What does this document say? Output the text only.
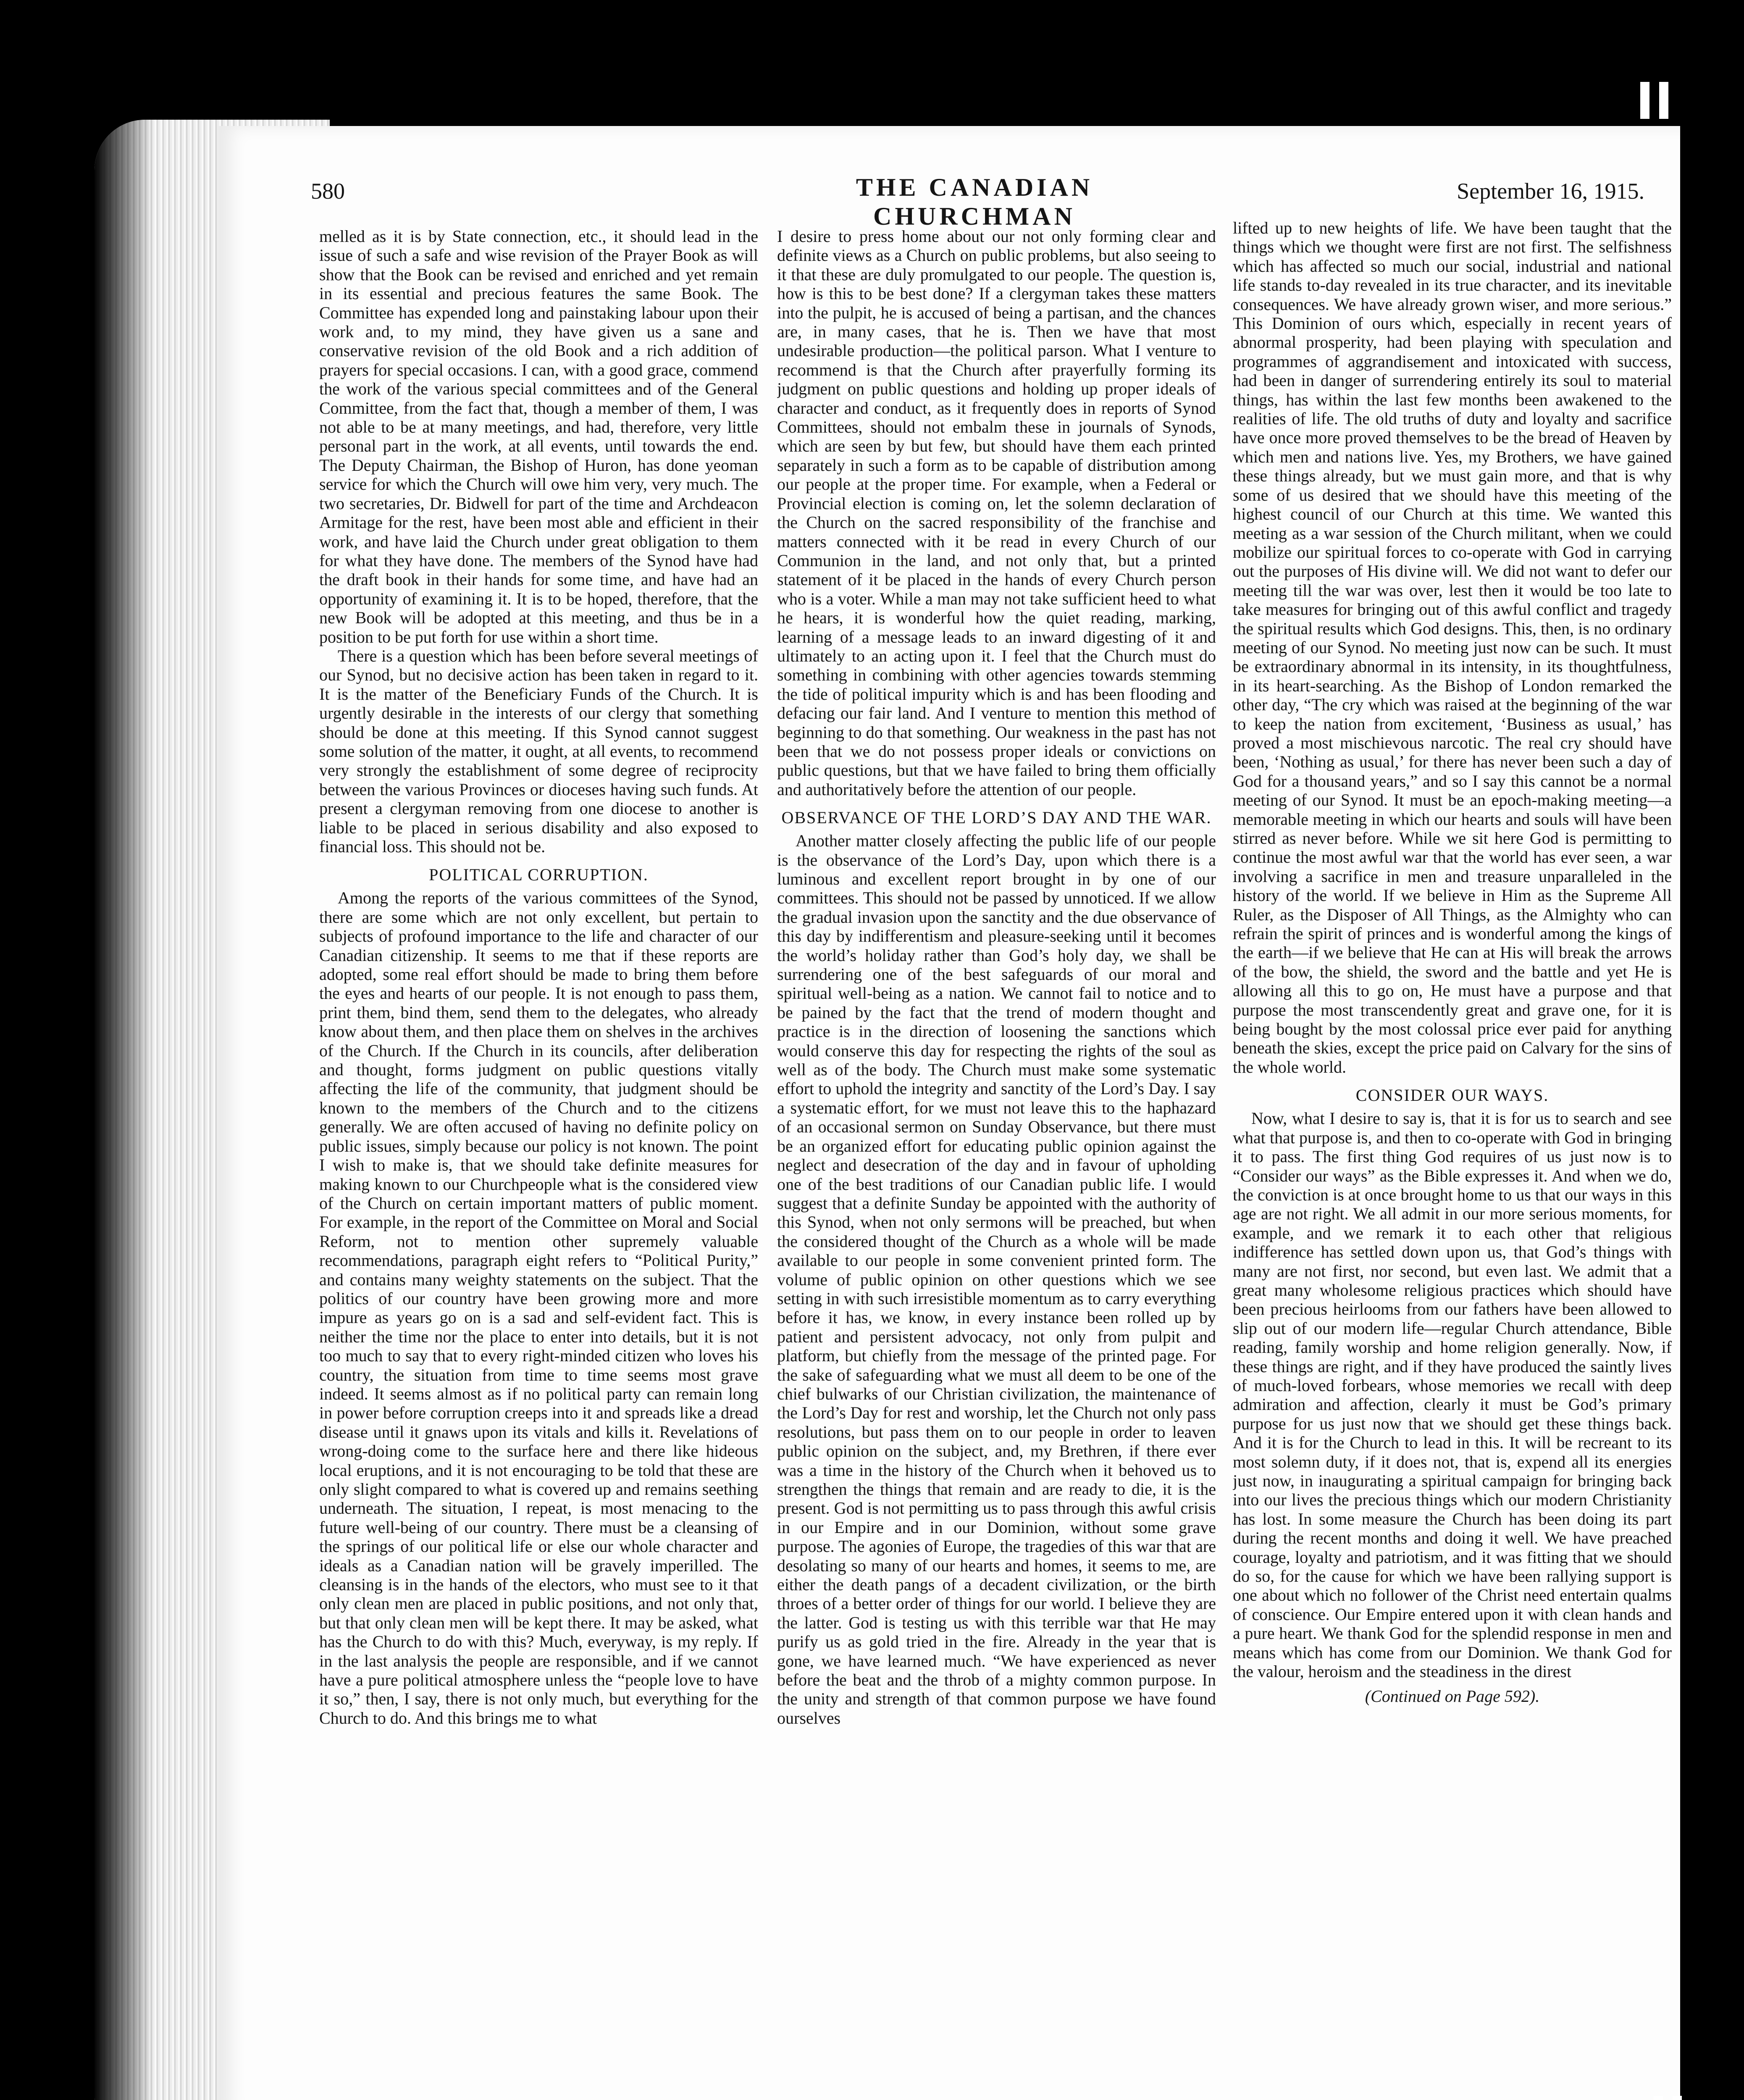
580	THE CANADIAN CHURCHMAN
September 16, 1915.

melled as it is by State connection, etc., it should lead in the issue of such a safe and wise revision of the Prayer Book as will show that the Book can be revised and enriched and yet remain in its essential and precious features the same Book. The Committee has expended long and painstaking labour upon their work and, to my mind, they have given us a sane and conservative revision of the old Book and a rich addition of prayers for special occasions. I can, with a good grace, commend the work of the various special committees and of the General Committee, from the fact that, though a member of them, I was not able to be at many meetings, and had, therefore, very little personal part in the work, at all events, until towards the end. The Deputy Chairman, the Bishop of Huron, has done yeoman service for which the Church will owe him very, very much. The two secretaries, Dr. Bidwell for part of the time and Archdeacon Armitage for the rest, have been most able and efficient in their work, and have laid the Church under great obligation to them for what they have done. The members of the Synod have had the draft book in their hands for some time, and have had an opportunity of examining it. It is to be hoped, therefore, that the new Book will be adopted at this meeting, and thus be in a position to be put forth for use within a short time.

There is a question which has been before several meetings of our Synod, but no decisive action has been taken in regard to it. It is the matter of the Beneficiary Funds of the Church. It is urgently desirable in the interests of our clergy that something should be done at this meeting. If this Synod cannot suggest some solution of the matter, it ought, at all events, to recommend very strongly the establishment of some degree of reciprocity between the various Provinces or dioceses having such funds. At present a clergyman removing from one diocese to another is liable to be placed in serious disability and also exposed to financial loss. This should not be.

POLITICAL CORRUPTION.

Among the reports of the various committees of the Synod, there are some which are not only excellent, but pertain to subjects of profound importance to the life and character of our Canadian citizenship. It seems to me that if these reports are adopted, some real effort should be made to bring them before the eyes and hearts of our people. It is not enough to pass them, print them, bind them, send them to the delegates, who already know about them, and then place them on shelves in the archives of the Church. If the Church in its councils, after deliberation and thought, forms judgment on public questions vitally affecting the life of the community, that judgment should be known to the members of the Church and to the citizens generally. We are often accused of having no definite policy on public issues, simply because our policy is not known. The point I wish to make is, that we should take definite measures for making known to our Churchpeople what is the considered view of the Church on certain important matters of public moment. For example, in the report of the Committee on Moral and Social Reform, not to mention other supremely valuable recommendations, paragraph eight refers to “Political Purity,” and contains many weighty statements on the subject. That the politics of our country have been growing more and more impure as years go on is a sad and self-evident fact. This is neither the time nor the place to enter into details, but it is not too much to say that to every right-minded citizen who loves his country, the situation from time to time seems most grave indeed. It seems almost as if no political party can remain long in power before corruption creeps into it and spreads like a dread disease until it gnaws upon its vitals and kills it. Revelations of wrong-doing come to the surface here and there like hideous local eruptions, and it is not encouraging to be told that these are only slight compared to what is covered up and remains seething underneath. The situation, I repeat, is most menacing to the future well-being of our country. There must be a cleansing of the springs of our political life or else our whole character and ideals as a Canadian nation will be gravely imperilled. The cleansing is in the hands of the electors, who must see to it that only clean men are placed in public positions, and not only that, but that only clean men will be kept there. It may be asked, what has the Church to do with this? Much, everyway, is my reply. If in the last analysis the people are responsible, and if we cannot have a pure political atmosphere unless the “people love to have it so,” then, I say, there is not only much, but everything for the Church to do. And this brings me to what

I desire to press home about our not only forming clear and definite views as a Church on public problems, but also seeing to it that these are duly promulgated to our people. The question is, how is this to be best done? If a clergyman takes these matters into the pulpit, he is accused of being a partisan, and the chances are, in many cases, that he is. Then we have that most undesirable production—the political parson. What I venture to recommend is that the Church after prayerfully forming its judgment on public questions and holding up proper ideals of character and conduct, as it frequently does in reports of Synod Committees, should not embalm these in journals of Synods, which are seen by but few, but should have them each printed separately in such a form as to be capable of distribution among our people at the proper time. For example, when a Federal or Provincial election is coming on, let the solemn declaration of the Church on the sacred responsibility of the franchise and matters connected with it be read in every Church of our Communion in the land, and not only that, but a printed statement of it be placed in the hands of every Church person who is a voter. While a man may not take sufficient heed to what he hears, it is wonderful how the quiet reading, marking, learning of a message leads to an inward digesting of it and ultimately to an acting upon it. I feel that the Church must do something in combining with other agencies towards stemming the tide of political impurity which is and has been flooding and defacing our fair land. And I venture to mention this method of beginning to do that something. Our weakness in the past has not been that we do not possess proper ideals or convictions on public questions, but that we have failed to bring them officially and authoritatively before the attention of our people.

OBSERVANCE OF THE LORD’S DAY AND THE WAR.

Another matter closely affecting the public life of our people is the observance of the Lord’s Day, upon which there is a luminous and excellent report brought in by one of our committees. This should not be passed by unnoticed. If we allow the gradual invasion upon the sanctity and the due observance of this day by indifferentism and pleasure-seeking until it becomes the world’s holiday rather than God’s holy day, we shall be surrendering one of the best safeguards of our moral and spiritual well-being as a nation. We cannot fail to notice and to be pained by the fact that the trend of modern thought and practice is in the direction of loosening the sanctions which would conserve this day for respecting the rights of the soul as well as of the body. The Church must make some systematic effort to uphold the integrity and sanctity of the Lord’s Day. I say a systematic effort, for we must not leave this to the haphazard of an occasional sermon on Sunday Observance, but there must be an organized effort for educating public opinion against the neglect and desecration of the day and in favour of upholding one of the best traditions of our Canadian public life. I would suggest that a definite Sunday be appointed with the authority of this Synod, when not only sermons will be preached, but when the considered thought of the Church as a whole will be made available to our people in some convenient printed form. The volume of public opinion on other questions which we see setting in with such irresistible momentum as to carry everything before it has, we know, in every instance been rolled up by patient and persistent advocacy, not only from pulpit and platform, but chiefly from the message of the printed page. For the sake of safeguarding what we must all deem to be one of the chief bulwarks of our Christian civilization, the maintenance of the Lord’s Day for rest and worship, let the Church not only pass resolutions, but pass them on to our people in order to leaven public opinion on the subject, and, my Brethren, if there ever was a time in the history of the Church when it behoved us to strengthen the things that remain and are ready to die, it is the present. God is not permitting us to pass through this awful crisis in our Empire and in our Dominion, without some grave purpose. The agonies of Europe, the tragedies of this war that are desolating so many of our hearts and homes, it seems to me, are either the death pangs of a decadent civilization, or the birth throes of a better order of things for our world. I believe they are the latter. God is testing us with this terrible war that He may purify us as gold tried in the fire. Already in the year that is gone, we have learned much. “We have experienced as never before the beat and the throb of a mighty common purpose. In the unity and strength of that common purpose we have found ourselves

lifted up to new heights of life. We have been taught that the things which we thought were first are not first. The selfishness which has affected so much our social, industrial and national life stands to-day revealed in its true character, and its inevitable consequences. We have already grown wiser, and more serious.” This Dominion of ours which, especially in recent years of abnormal prosperity, had been playing with speculation and programmes of aggrandisement and intoxicated with success, had been in danger of surrendering entirely its soul to material things, has within the last few months been awakened to the realities of life. The old truths of duty and loyalty and sacrifice have once more proved themselves to be the bread of Heaven by which men and nations live. Yes, my Brothers, we have gained these things already, but we must gain more, and that is why some of us desired that we should have this meeting of the highest council of our Church at this time. We wanted this meeting as a war session of the Church militant, when we could mobilize our spiritual forces to co-operate with God in carrying out the purposes of His divine will. We did not want to defer our meeting till the war was over, lest then it would be too late to take measures for bringing out of this awful conflict and tragedy the spiritual results which God designs. This, then, is no ordinary meeting of our Synod. No meeting just now can be such. It must be extraordinary abnormal in its intensity, in its thoughtfulness, in its heart-searching. As the Bishop of London remarked the other day, “The cry which was raised at the beginning of the war to keep the nation from excitement, ‘Business as usual,’ has proved a most mischievous narcotic. The real cry should have been, ‘Nothing as usual,’ for there has never been such a day of God for a thousand years,” and so I say this cannot be a normal meeting of our Synod. It must be an epoch-making meeting—a memorable meeting in which our hearts and souls will have been stirred as never before. While we sit here God is permitting to continue the most awful war that the world has ever seen, a war involving a sacrifice in men and treasure unparalleled in the history of the world. If we believe in Him as the Supreme All Ruler, as the Disposer of All Things, as the Almighty who can refrain the spirit of princes and is wonderful among the kings of the earth—if we believe that He can at His will break the arrows of the bow, the shield, the sword and the battle and yet He is allowing all this to go on, He must have a purpose and that purpose the most transcendently great and grave one, for it is being bought by the most colossal price ever paid for anything beneath the skies, except the price paid on Calvary for the sins of the whole world.

CONSIDER OUR WAYS.

Now, what I desire to say is, that it is for us to search and see what that purpose is, and then to co-operate with God in bringing it to pass. The first thing God requires of us just now is to “Consider our ways” as the Bible expresses it. And when we do, the conviction is at once brought home to us that our ways in this age are not right. We all admit in our more serious moments, for example, and we remark it to each other that religious indifference has settled down upon us, that God’s things with many are not first, nor second, but even last. We admit that a great many wholesome religious practices which should have been precious heirlooms from our fathers have been allowed to slip out of our modern life—regular Church attendance, Bible reading, family worship and home religion generally. Now, if these things are right, and if they have produced the saintly lives of much-loved forbears, whose memories we recall with deep admiration and affection, clearly it must be God’s primary purpose for us just now that we should get these things back. And it is for the Church to lead in this. It will be recreant to its most solemn duty, if it does not, that is, expend all its energies just now, in inaugurating a spiritual campaign for bringing back into our lives the precious things which our modern Christianity has lost. In some measure the Church has been doing its part during the recent months and doing it well. We have preached courage, loyalty and patriotism, and it was fitting that we should do so, for the cause for which we have been rallying support is one about which no follower of the Christ need entertain qualms of conscience. Our Empire entered upon it with clean hands and a pure heart. We thank God for the splendid response in men and means which has come from our Dominion. We thank God for the valour, heroism and the steadiness in the direst

(Continued on Page 592).
